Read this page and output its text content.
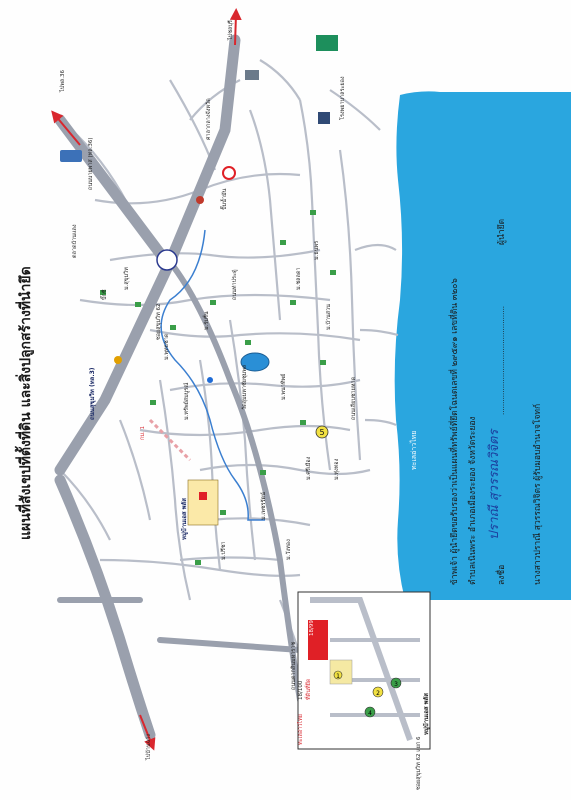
ทะเลอ่าวไทย
5
ไปพล.36
ไปชลบุรี
ไปบ้านฉาง
ถนนสุขุมวิท (ทล.3)
ถนนบายพาส (ทล.36)
ถนนตากสินมหาราช
กม. 1
ซอยสุขุมวิท 62
ถนนเลียบชายหาด
ถนนท่าประดู่
ตลาดบ้านแลง
บิ๊กซี
ปั๊มน้ำมัน
ศาลากลางจังหวัด	โรงพยาบาลระยอง
วัดลุ่มมหาชัยชุมพล
ม.สุขุมวิท
ม.พุทธชาด
ม.ทรัพย์สมบูรณ์
ม.ร่มรื่น
ม.พนาทิพย์
ม.ชลลดา
ม.ธนพร
ม.บ้านสวน
ม.ทุ่งทอง
ม.ศรีเมือง
ม.เพชรรัตน์
ม.วังทอง
ม.ปรีชา
หมู่บ้านเอส พลัส
1
2
3
4
18/99
18/100 ที่ดินที่ยึด
ทะเลอ่าวไทย	หมู่บ้านเอส พลัส
ซอยสุขุมวิท 62 แยก 6
แผนที่สังเขปที่ตั้งที่ดิน และสิ่งปลูกสร้างที่นำยึด	ข้าพเจ้า ผู้นำยึดขอรับรองว่าเป็นแผนที่ทรัพย์ที่ยึดโฉนดเลขที่ ๒๙๕๙๑ เลขที่ดิน ๓๒๐๖ ตำบลเนินพระ อำเภอเมืองระยอง จังหวัดระยอง ลงชื่อ
.................................................
ผู้นำยึด
ปราณี สุวรรณวิจิตร	นางสาวปราณี สุวรรณวิจิตร ผู้รับมอบอำนาจโจทก์
